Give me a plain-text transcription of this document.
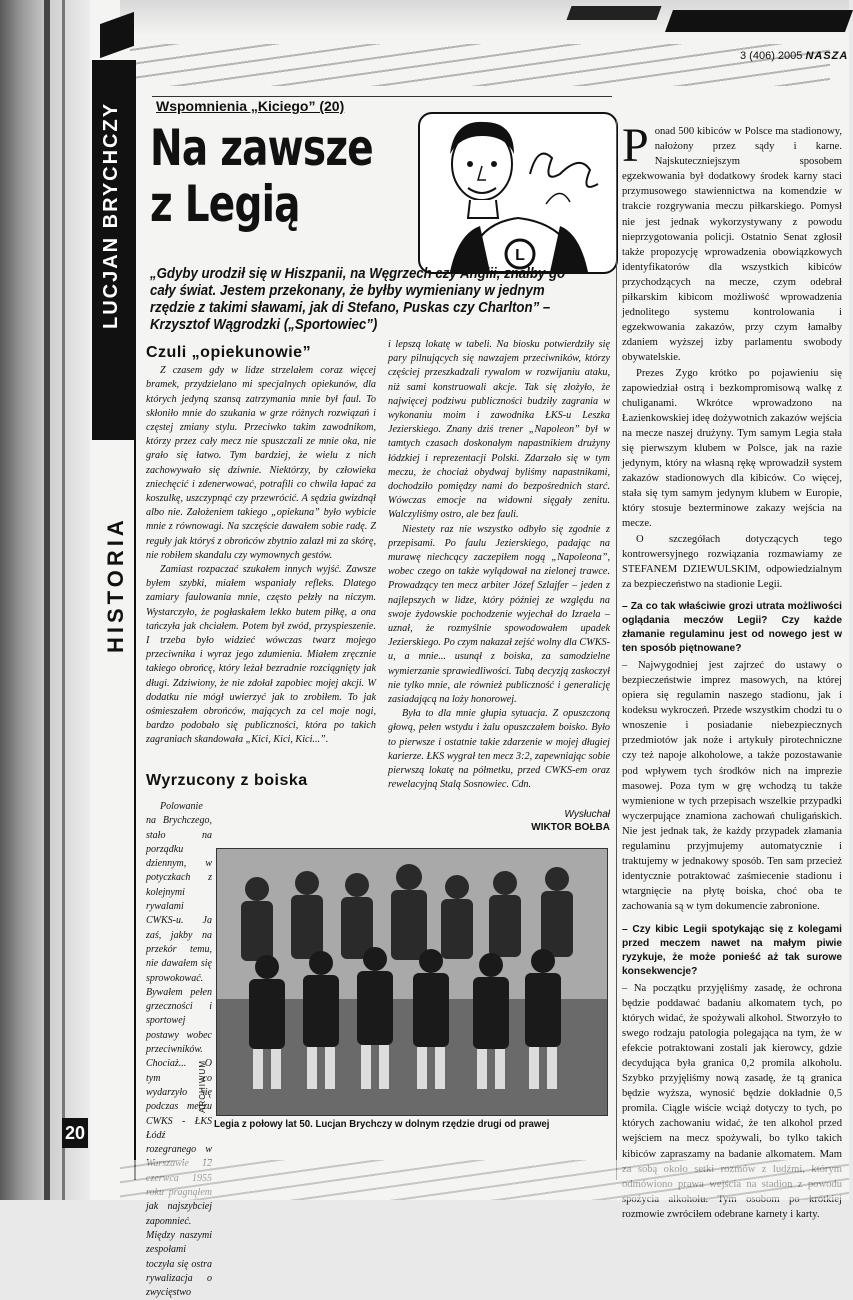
3 (406) 2005 NASZA
LUCJAN BRYCHCZY
HISTORIA
20
Wspomnienia „Kiciego” (20)
Na zawsze
z Legią
L
„Gdyby urodził się w Hiszpanii, na Węgrzech czy Anglii, znałby go cały świat. Jestem przekonany, że byłby wymieniany w jednym rzędzie z takimi sławami, jak di Stefano, Puskas czy Charlton” – Krzysztof Wągrodzki („Sportowiec”)
Czuli „opiekunowie”

Z czasem gdy w lidze strzelałem coraz więcej bramek, przydzielano mi specjalnych opiekunów, dla których jedyną szansą zatrzymania mnie był faul. To skłoniło mnie do szukania w grze różnych rozwiązań i częstej zmiany stylu. Przeciwko takim zawodnikom, którzy przez cały mecz nie spuszczali ze mnie oka, nie grało się łatwo. Tym bardziej, że wielu z nich zachowywało się dziwnie. Niektórzy, by człowieka zniechęcić i zdenerwować, potrafili co chwila łapać za koszulkę, uszczypnąć czy przewrócić. A sędzia gwizdnął albo nie. Założeniem takiego „opiekuna” było wybicie mnie z równowagi. Na szczęście dawałem sobie radę. Z reguły jak któryś z obrońców zbytnio zalazł mi za skórę, nie robiłem skandalu czy wymownych gestów.

Zamiast rozpaczać szukałem innych wyjść. Zawsze byłem szybki, miałem wspaniały refleks. Dlatego zamiary faulowania mnie, często pełzły na niczym. Wystarczyło, że pogłaskałem lekko butem piłkę, a ona tańczyła jak chciałem. Potem był zwód, przyspieszenie. I trzeba było widzieć wówczas twarz mojego przeciwnika i wyraz jego zdumienia. Miałem zręcznie takiego obrońcę, który leżał bezradnie rozciągnięty jak długi. Zdziwiony, że nie zdołał zapobiec mojej akcji. W dodatku nie mógł uwierzyć jak to zrobiłem. To jak ośmieszałem obrońców, mających za cel moje nogi, bardzo podobało się publiczności, która po takich zagraniach skandowała „Kici, Kici, Kici...”.

Wyrzucony z boiska

Polowanie na Brychczego, stało na porządku dziennym, w potyczkach z kolejnymi rywalami CWKS-u. Ja zaś, jakby na przekór temu, nie dawałem się sprowokować. Bywałem pełen grzeczności i sportowej postawy wobec przeciwników. Chociaż... O tym co wydarzyło się podczas meczu CWKS - ŁKS Łódź rozegranego w jak najszybciej zapomnieć. Między naszymi zespołami toczyła się ostra rywalizacja o zwycięstwo

i lepszą lokatę w tabeli. Na biosku potwierdziły się pary pilnujących się nawzajem przeciwników, którzy częściej przeszkadzali rywalom w rozwijaniu ataku, niż sami konstruowali akcje. Tak się złożyło, że najwięcej podziwu publiczności budziły zagrania w wykonaniu moim i zawodnika ŁKS-u Leszka Jezierskiego. Znany dziś trener „Napoleon” był w tamtych czasach doskonałym napastnikiem drużyny łódzkiej i reprezentacji Polski. Zdarzało się w tym meczu, że chociaż obydwaj byliśmy napastnikami, dochodziło pomiędzy nami do bezpośrednich starć. Wówczas emocje na widowni sięgały zenitu. Walczyliśmy ostro, ale bez fauli.

Niestety raz nie wszystko odbyło się zgodnie z przepisami. Po faulu Jezierskiego, padając na murawę niechcący zaczepiłem nogą „Napoleona”, wobec czego on także wylądował na zielonej trawce. Prowadzący ten mecz arbiter Józef Szlajfer – jeden z najlepszych w lidze, który później ze względu na swoje żydowskie pochodzenie wyjechał do Izraela – uznał, że rozmyślnie spowodowałem upadek Jezierskiego. Po czym nakazał zejść wolny dla CWKS-u, a mnie... usunął z boiska, za samodzielne wymierzanie sprawiedliwości. Tabą decyzją zaskoczył nie tylko mnie, ale również publiczność i generalicję zasiadającą na loży honorowej.

Była to dla mnie głupia sytuacja. Z opuszczoną głową, pełen wstydu i żalu opuszczałem boisko. Było to pierwsze i ostatnie takie zdarzenie w mojej długiej karierze. ŁKS wygrał ten mecz 3:2, zapewniając sobie pierwszą lokatę na półmetku, przed CWKS-em oraz rewelacyjną Stalą Sosnowiec. Cdn.

Wysłuchał
WIKTOR BOŁBA
ARCHIWUM
Legia z połowy lat 50. Lucjan Brychczy w dolnym rzędzie drugi od prawej

Ponad 500 kibiców w Polsce ma stadionowy, nałożony przez sądy i karne. Najskuteczniejszym sposobem egzekwowania był dodatkowy środek karny staci przymusowego stawiennictwa na komendzie w trakcie rozgrywania meczu piłkarskiego. Pomysł nie jest jednak wykorzystywany z powodu nieprzygotowania policji. Ostatnio Senat zgłosił także propozycję wprowadzenia obowiązkowych identyfikatorów dla wszystkich kibiców przychodzących na mecze, czym odebrał piłkarskim kibicom możliwość wprowadzenia jednolitego systemu kontrolowania i egzekwowania zakazów, przy czym łamałby zdaniem wyższej izby parlamentu swobody obywatelskie.

Prezes Zygo krótko po pojawieniu się zapowiedział ostrą i bezkompromisową walkę z chuliganami. Wkrótce wprowadzono na Łazienkowskiej ideę dożywotnich zakazów wejścia na mecze naszej drużyny. Tym samym Legia stała się pierwszym klubem w Polsce, jak na razie jedynym, który na własną rękę wprowadził system zakazów stadionowych dla kibiców. Co więcej, stała się tym samym jedynym klubem w Europie, który stosuje bezterminowe zakazy wejścia na mecze.

O szczegółach dotyczących tego kontrowersyjnego rozwiązania rozmawiamy ze STEFANEM DZIEWULSKIM, odpowiedzialnym za bezpieczeństwo na stadionie Legii.

– Za co tak właściwie grozi utrata możliwości oglądania meczów Legii? Czy każde złamanie regulaminu jest od nowego jest w ten sposób piętnowane?

– Najwygodniej jest zajrzeć do ustawy o bezpieczeństwie imprez masowych, na której opiera się regulamin naszego stadionu, jak i kodeksu wykroczeń. Przede wszystkim chodzi tu o wnoszenie i posiadanie niebezpiecznych przedmiotów jak noże i artykuły pirotechniczne czy też napoje alkoholowe, a także pozostawanie pod wpływem tych środków nich na imprezie masowej. Poza tym w grę wchodzą tu także wymienione w tych przepisach wszelkie przypadki wyczerpujące znamiona zachowań chuligańskich. Nie jest jednak tak, że każdy przypadek złamania regulaminu przyjmujemy automatycznie i traktujemy w jednakowy sposób. Ten sam przecież identycznie potraktować zaśmiecenie stadionu i wtargnięcie na płytę boiska, choć oba te zachowania są w tym dokumencie zabronione.

– Czy kibic Legii spotykając się z kolegami przed meczem nawet na małym piwie ryzykuje, że może ponieść aż tak surowe konsekwencje?

– Na początku przyjęliśmy zasadę, że ochrona będzie poddawać badaniu alkomatem tych, po których widać, że spożywali alkohol. Stworzyło to swego rodzaju patologia polegająca na tym, że w efekcie potraktowani zostali jak kierowcy, gdzie decydująca była granica 0,2 promila alkoholu. Szybko przyjęliśmy nową zasadę, że tą granica będzie wyższa, wynosić będzie dokładnie 0,5 promila. Ciągle wiście wciąż dotyczy to tych, po których zachowaniu widać, że ten alkohol przed wejściem na mecz spożywali, bo tylko takich kibiców zapraszamy na badanie alkomatem. Mam rozmowie zwróciłem odebrane karnety i karty.
